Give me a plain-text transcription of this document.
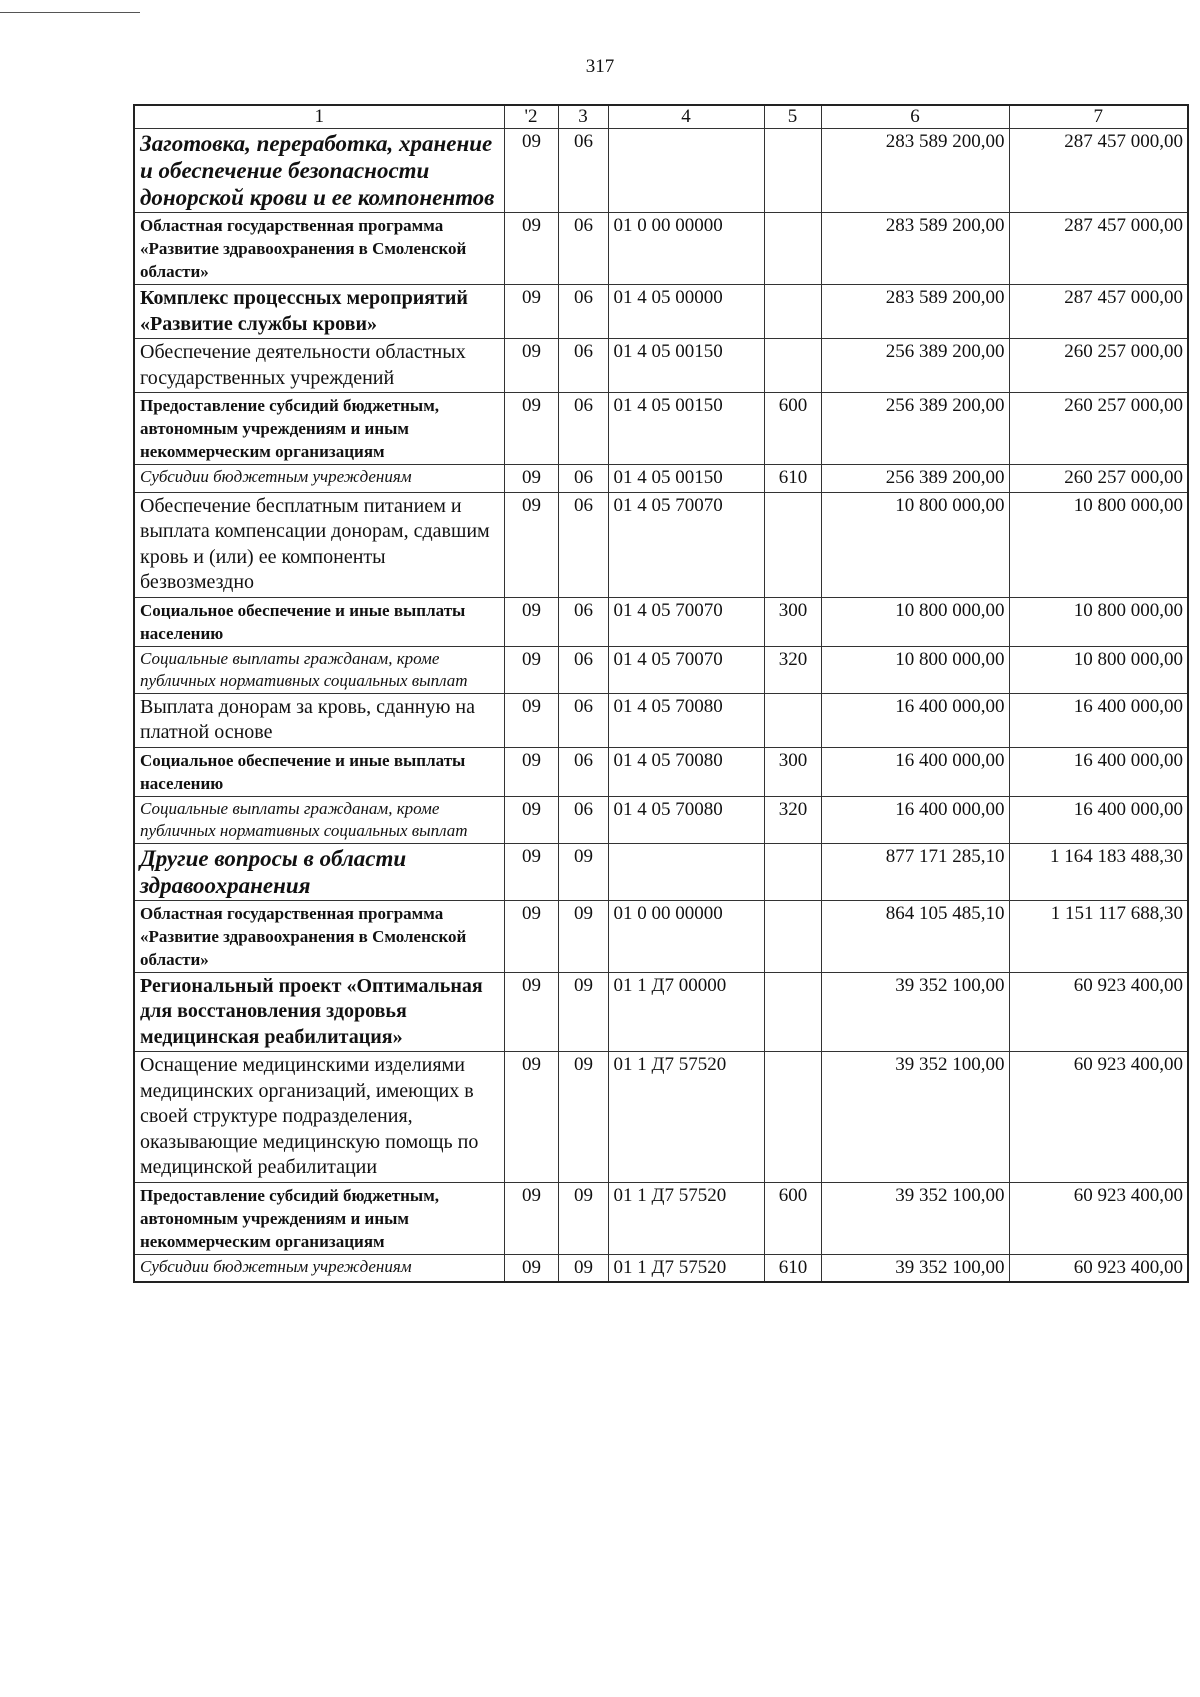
317
1	'2	3	4	5	6	7
Заготовка, переработка, хранение и обеспечение безопасности донорской крови и ее компонентов	09	06			283 589 200,00	287 457 000,00
Областная государственная программа «Развитие здравоохранения в Смоленской области»	09	06	01 0 00 00000		283 589 200,00	287 457 000,00
Комплекс процессных мероприятий «Развитие службы крови»	09	06	01 4 05 00000		283 589 200,00	287 457 000,00
Обеспечение деятельности областных государственных учреждений	09	06	01 4 05 00150		256 389 200,00	260 257 000,00
Предоставление субсидий бюджетным, автономным учреждениям и иным некоммерческим организациям	09	06	01 4 05 00150	600	256 389 200,00	260 257 000,00
Субсидии бюджетным учреждениям	09	06	01 4 05 00150	610	256 389 200,00	260 257 000,00
Обеспечение бесплатным питанием и выплата компенсации донорам, сдавшим кровь и (или) ее компоненты безвозмездно	09	06	01 4 05 70070		10 800 000,00	10 800 000,00
Социальное обеспечение и иные выплаты населению	09	06	01 4 05 70070	300	10 800 000,00	10 800 000,00
Социальные выплаты гражданам, кроме публичных нормативных социальных выплат	09	06	01 4 05 70070	320	10 800 000,00	10 800 000,00
Выплата донорам за кровь, сданную на платной основе	09	06	01 4 05 70080		16 400 000,00	16 400 000,00
Социальное обеспечение и иные выплаты населению	09	06	01 4 05 70080	300	16 400 000,00	16 400 000,00
Социальные выплаты гражданам, кроме публичных нормативных социальных выплат	09	06	01 4 05 70080	320	16 400 000,00	16 400 000,00
Другие вопросы в области здравоохранения	09	09			877 171 285,10	1 164 183 488,30
Областная государственная программа «Развитие здравоохранения в Смоленской области»	09	09	01 0 00 00000		864 105 485,10	1 151 117 688,30
Региональный проект «Оптимальная для восстановления здоровья медицинская реабилитация»	09	09	01 1 Д7 00000		39 352 100,00	60 923 400,00
Оснащение медицинскими изделиями медицинских организаций, имеющих в своей структуре подразделения, оказывающие медицинскую помощь по медицинской реабилитации	09	09	01 1 Д7 57520		39 352 100,00	60 923 400,00
Предоставление субсидий бюджетным, автономным учреждениям и иным некоммерческим организациям	09	09	01 1 Д7 57520	600	39 352 100,00	60 923 400,00
Субсидии бюджетным учреждениям	09	09	01 1 Д7 57520	610	39 352 100,00	60 923 400,00
